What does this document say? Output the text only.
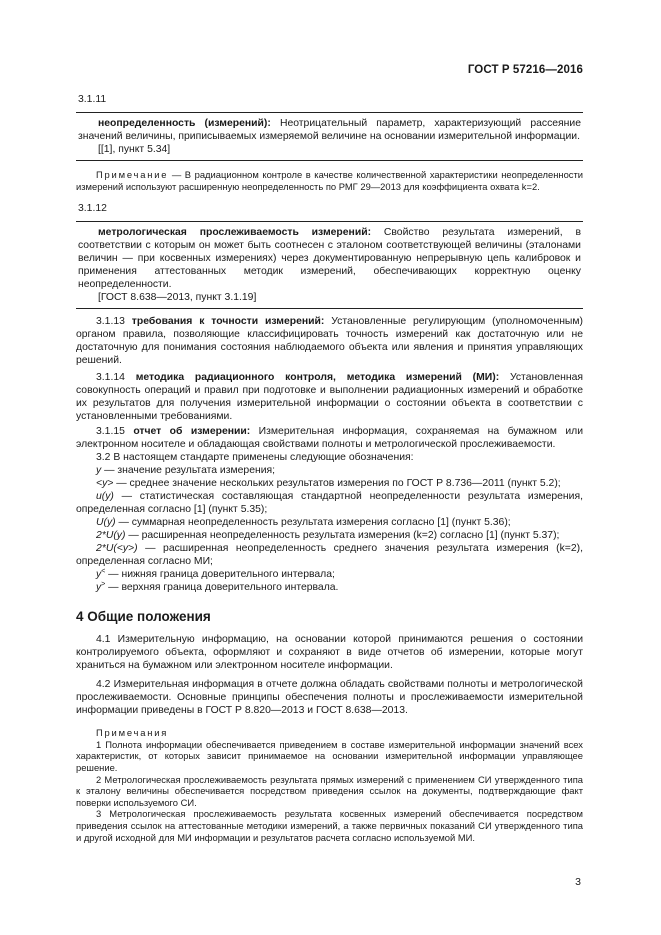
ГОСТ Р 57216—2016

3.1.11

неопределенность (измерений): Неотрицательный параметр, характеризующий рассеяние значений величины, приписываемых измеряемой величине на основании измерительной информации.

[[1], пункт 5.34]

Примечание — В радиационном контроле в качестве количественной характеристики неопределенности измерений используют расширенную неопределенность по РМГ 29—2013 для коэффициента охвата k=2.

3.1.12

метрологическая прослеживаемость измерений: Свойство результата измерений, в соответствии с которым он может быть соотнесен с эталоном соответствующей величины (эталонами величин — при косвенных измерениях) через документированную непрерывную цепь калибровок и применения аттестованных методик измерений, обеспечивающих корректную оценку неопределенности.

[ГОСТ 8.638—2013, пункт 3.1.19]

3.1.13 требования к точности измерений: Установленные регулирующим (уполномоченным) органом правила, позволяющие классифицировать точность измерений как достаточную или не достаточную для понимания состояния наблюдаемого объекта или явления и принятия управляющих решений.

3.1.14 методика радиационного контроля, методика измерений (МИ): Установленная совокупность операций и правил при подготовке и выполнении радиационных измерений и обработке их результатов для получения измерительной информации о состоянии объекта в соответствии с установленными требованиями.

3.1.15 отчет об измерении: Измерительная информация, сохраняемая на бумажном или электронном носителе и обладающая свойствами полноты и метрологической прослеживаемости.

3.2 В настоящем стандарте применены следующие обозначения:

y — значение результата измерения;

<y> — среднее значение нескольких результатов измерения по ГОСТ Р 8.736—2011 (пункт 5.2);

u(y) — статистическая составляющая стандартной неопределенности результата измерения, определенная согласно [1] (пункт 5.35);

U(y) — суммарная неопределенность результата измерения согласно [1] (пункт 5.36);

2*U(y) — расширенная неопределенность результата измерения (k=2) согласно [1] (пункт 5.37);

2*U(<y>) — расширенная неопределенность среднего значения результата измерения (k=2), определенная согласно МИ;

y< — нижняя граница доверительного интервала;

y> — верхняя граница доверительного интервала.

4 Общие положения

4.1 Измерительную информацию, на основании которой принимаются решения о состоянии контролируемого объекта, оформляют и сохраняют в виде отчетов об измерении, которые могут храниться на бумажном или электронном носителе информации.

4.2 Измерительная информация в отчете должна обладать свойствами полноты и метрологической прослеживаемости. Основные принципы обеспечения полноты и прослеживаемости измерительной информации приведены в ГОСТ Р 8.820—2013 и ГОСТ 8.638—2013.

Примечания

1 Полнота информации обеспечивается приведением в составе измерительной информации значений всех характеристик, от которых зависит принимаемое на основании измерительной информации управляющее решение.

2 Метрологическая прослеживаемость результата прямых измерений с применением СИ утвержденного типа к эталону величины обеспечивается посредством приведения ссылок на документы, подтверждающие факт поверки используемого СИ.

3 Метрологическая прослеживаемость результата косвенных измерений обеспечивается посредством приведения ссылок на аттестованные методики измерений, а также первичных показаний СИ утвержденного типа и другой исходной для МИ информации и результатов расчета согласно используемой МИ.

3
